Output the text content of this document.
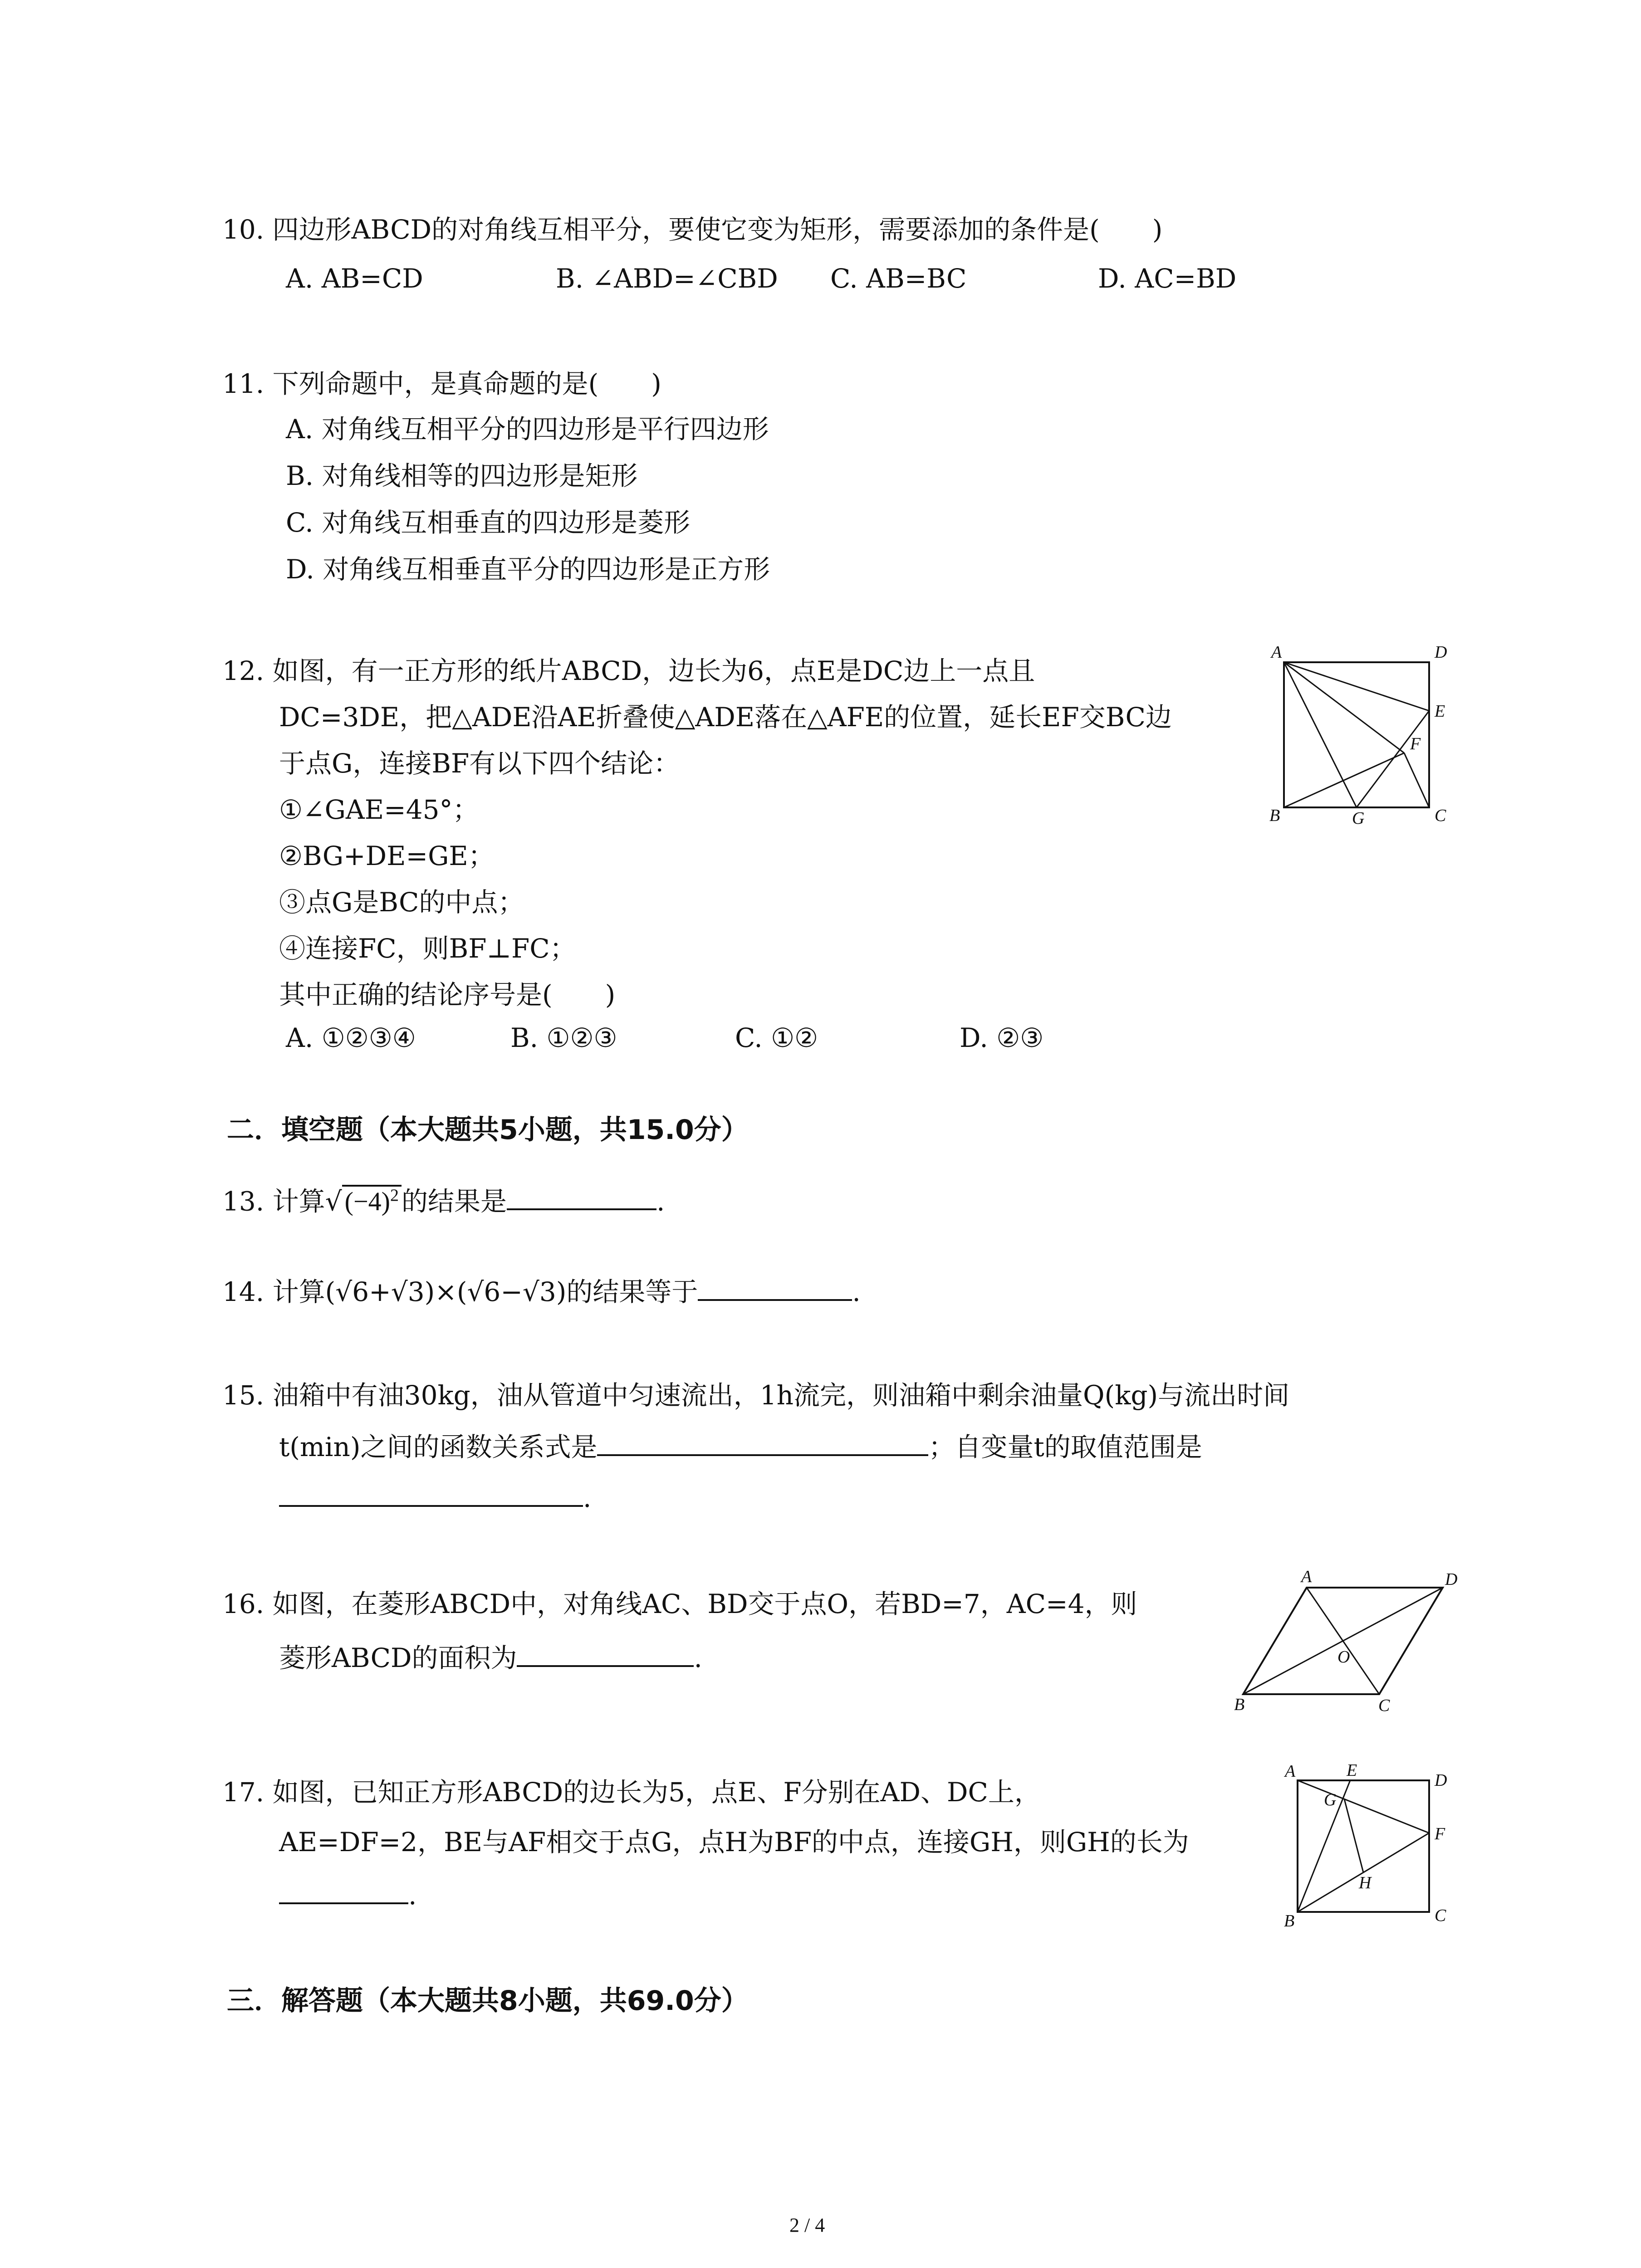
10. 四边形ABCD的对角线互相平分，要使它变为矩形，需要添加的条件是(　　)
A. AB=CD	B. ∠ABD=∠CBD C. AB=BC	D. AC=BD
11. 下列命题中，是真命题的是(　　)
A. 对角线互相平分的四边形是平行四边形
B. 对角线相等的四边形是矩形
C. 对角线互相垂直的四边形是菱形
D. 对角线互相垂直平分的四边形是正方形
12. 如图，有一正方形的纸片ABCD，边长为6，点E是DC边上一点且
DC=3DE，把△ADE沿AE折叠使△ADE落在△AFE的位置，延长EF交BC边
于点G，连接BF有以下四个结论：
①∠GAE=45°；
②BG+DE=GE；
③点G是BC的中点；
④连接FC，则BF⊥FC；
其中正确的结论序号是(　　)
A. ①②③④	B. ①②③	C. ①②	D. ②③
A	D
E
F
B	G	C
二．填空题（本大题共5小题，共15.0分）
13. 计算√ $(-4)^2$ 的结果是	.
14. 计算(√6+√3)×(√6−√3)的结果等于	.
15. 油箱中有油30kg，油从管道中匀速流出，1h流完，则油箱中剩余油量Q(kg)与流出时间
t(min)之间的函数关系式是	；自变量t的取值范围是
.
16. 如图，在菱形ABCD中，对角线AC、BD交于点O，若BD=7，AC=4，则
菱形ABCD的面积为	.
A	D
O
B	C
17. 如图，已知正方形ABCD的边长为5，点E、F分别在AD、DC上，
AE=DF=2，BE与AF相交于点G，点H为BF的中点，连接GH，则GH的长为
.
A	E
D
G
F
H
B	C
三．解答题（本大题共8小题，共69.0分）
2 / 4
